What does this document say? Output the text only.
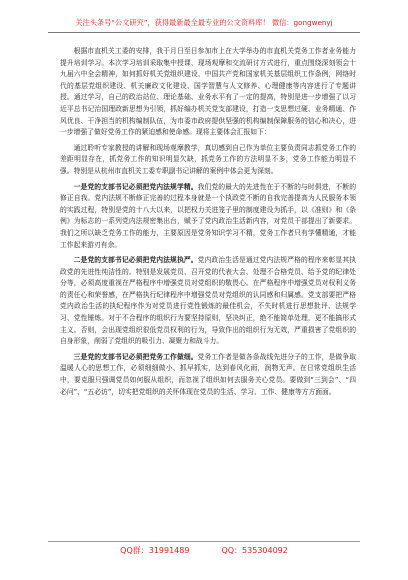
关注头条号“公文研究”，获得最新最全最专业的公文资料库！ 微信：gongwenyj

根据市直机关工委的安排，我于月日至日参加市上在大学举办的市直机关党务工作者业务能力提升培训学习。本次学习培训采取集中授课、现场观摩和交流研讨方式进行，重点围绕深刻领会十九届六中全会精神，如何抓好机关党组织建设、中国共产党和国家机关基层组织工作条例，网络时代的基层党组织建设、机关廉政文化建设、国学智慧与人文修养、心理健康等内容进行了专题讲授。通过学习，自己的政治站位、理论基础、业务水平有了一定的提高，特别是进一步增强了以习近平总书记治国理政新思想为引领，抓好编办机关党支部建设，打造一支思想过硬、业务精通、作风优良、干净担当的机构编制队伍，为市委市政府提供坚强的机构编制保障服务的信心和决心，进一步增强了做好党务工作的紧迫感和使命感。现将主要体会汇报如下：

通过聆听专家教授的讲解和现场观摩教学，真切感到自己作为单位主要负责同志抓党务工作的差距明显存在，抓党务工作的知识明显欠缺，抓党务工作的方法明显不多，党务工作能力明显不强。特别是从杭州市直机关工委专职副书记讲解的案例中体会更为深刻。

一是党的支部书记必须把党内法规学精。我们党的最大的先进性在于不断的与时俱进，不断的修正自我。党内法规不断修正完善的过程本身就是一个执政党不断的自我完善提高为人民服务本领的实践过程，特别是党的十八大以来，以把权力关进笼子里的制度建设为抓手，以《准则》和《条例》为标志的一系列党内法规密集出台，赋予了党内政治生活新内容，对党员干部提出了新要求。我们之所以缺乏党务工作的能力，主要原因是党务知识学习不精，党务工作者只有学懂精通，才能工作起来游刃有余。

二是党的支部书记必须把党内法规执严。党内政治生活是通过党内法规严格的程序来彰显其执政党的先进性纯洁性的。特别是发展党员、召开党的代表大会、处理不合格党员、给予党的纪律处分等，必须高度重视在严格程序中增强党员对党组织的敬畏心。在严格程序中增强党员对权利义务的责任心和荣誉感，在严格执行纪律程序中增强党员对党组织的认同感和归属感。党支部要把严格党内政治生活的执纪程序作为对党员进行党性锻炼的最佳机会，不失时机进行思想批评、法规学习、党性锤炼。对于不合程序的组织行为要坚持原则，坚决纠正，绝不能简单处理，更不能搞形式主义。否则，会出现党组织很低党员权利的行为，导致作出的组织行为无效，严重损害了党组织的自身形象，削弱了党组织的吸引力、凝聚力和战斗力。

三是党的支部书记必须把党务工作做细。党务工作者是做各条战线先进分子的工作，是做争取温暖人心的思想工作，必须细细做小、抓早抓实，达到春风化雨，润物无声。在日常党组织生活中，要克服只强调党员如何服从组织，而忽视了组织如何去服务关心党员。要做到“三到会”、“四必问”、“五必访”，切实把党组织的关怀体现在党员的生活、学习、工作、健康等方方面面。

QQ群：31991489	QQ：535304092
